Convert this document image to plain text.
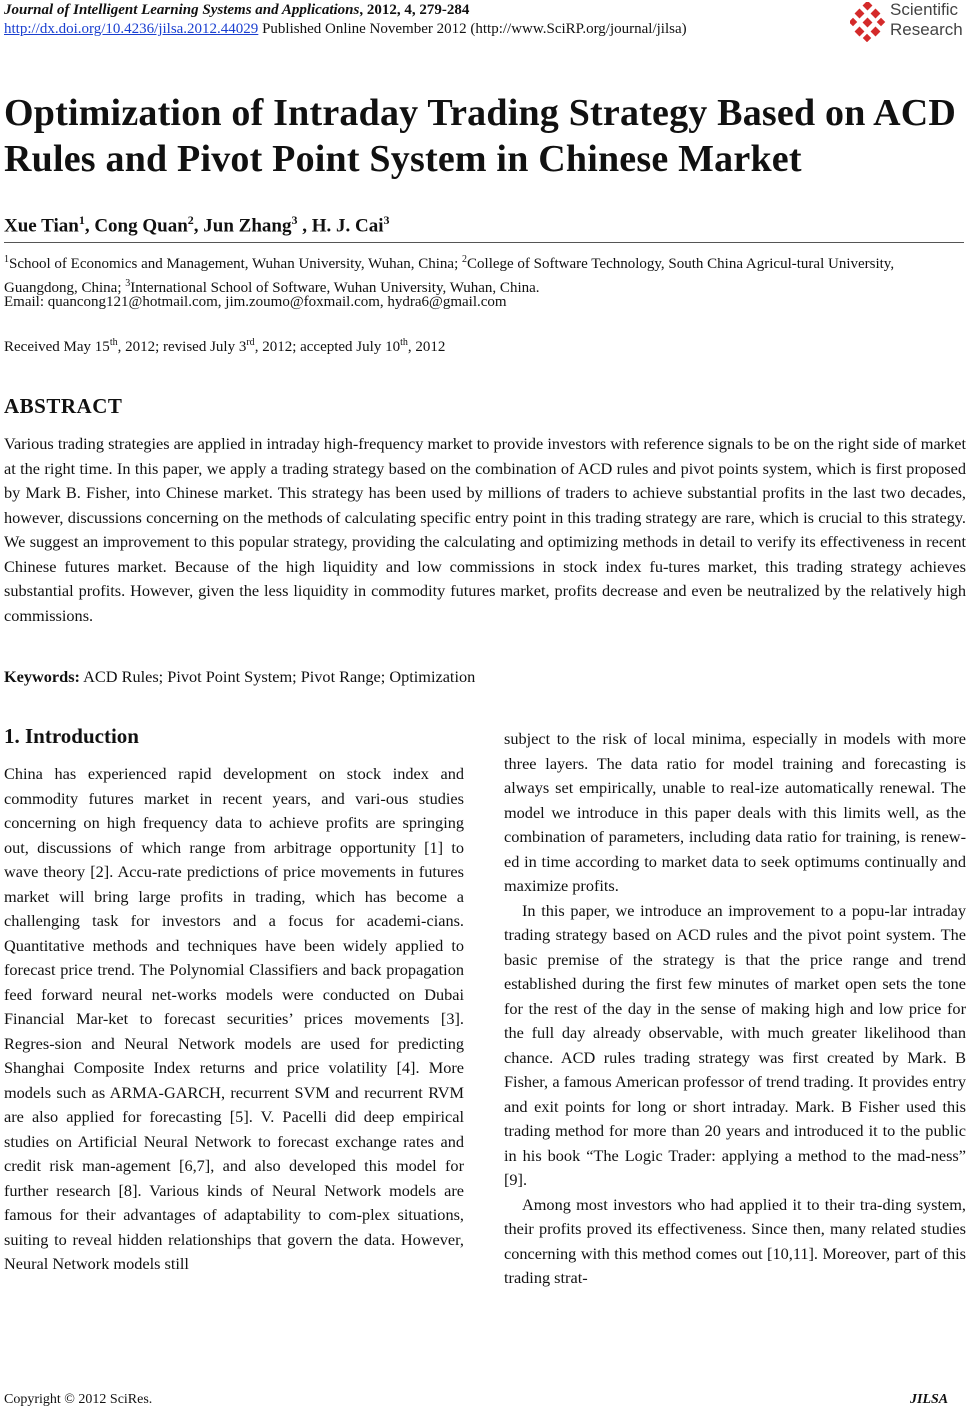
Journal of Intelligent Learning Systems and Applications, 2012, 4, 279-284
http://dx.doi.org/10.4236/jilsa.2012.44029 Published Online November 2012 (http://www.SciRP.org/journal/jilsa)
Scientific
Research
Optimization of Intraday Trading Strategy Based on ACD Rules and Pivot Point System in Chinese Market
Xue Tian$^1$, Cong Quan$^2$, Jun Zhang$^3$ , H. J. Cai$^3$
$^1$School of Economics and Management, Wuhan University, Wuhan, China; $^2$College of Software Technology, South China Agricul-tural University, Guangdong, China; $^3$International School of Software, Wuhan University, Wuhan, China.
Email: quancong121@hotmail.com, jim.zoumo@foxmail.com, hydra6@gmail.com
Received May 15th, 2012; revised July 3rd, 2012; accepted July 10th, 2012
ABSTRACT
Various trading strategies are applied in intraday high-frequency market to provide investors with reference signals to be on the right side of market at the right time. In this paper, we apply a trading strategy based on the combination of ACD rules and pivot points system, which is first proposed by Mark B. Fisher, into Chinese market. This strategy has been used by millions of traders to achieve substantial profits in the last two decades, however, discussions concerning on the methods of calculating specific entry point in this trading strategy are rare, which is crucial to this strategy. We suggest an improvement to this popular strategy, providing the calculating and optimizing methods in detail to verify its effectiveness in recent Chinese futures market. Because of the high liquidity and low commissions in stock index fu-tures market, this trading strategy achieves substantial profits. However, given the less liquidity in commodity futures market, profits decrease and even be neutralized by the relatively high commissions.
Keywords: ACD Rules; Pivot Point System; Pivot Range; Optimization
1. Introduction

China has experienced rapid development on stock index and commodity futures market in recent years, and vari-ous studies concerning on high frequency data to achieve profits are springing out, discussions of which range from arbitrage opportunity [1] to wave theory [2]. Accu-rate predictions of price movements in futures market will bring large profits in trading, which has become a challenging task for investors and a focus for academi-cians. Quantitative methods and techniques have been widely applied to forecast price trend. The Polynomial Classifiers and back propagation feed forward neural net-works models were conducted on Dubai Financial Mar-ket to forecast securities’ prices movements [3]. Regres-sion and Neural Network models are used for predicting Shanghai Composite Index returns and price volatility [4]. More models such as ARMA-GARCH, recurrent SVM and recurrent RVM are also applied for forecasting [5]. V. Pacelli did deep empirical studies on Artificial Neural Network to forecast exchange rates and credit risk man-agement [6,7], and also developed this model for further research [8]. Various kinds of Neural Network models are famous for their advantages of adaptability to com-plex situations, suiting to reveal hidden relationships that govern the data. However, Neural Network models still

subject to the risk of local minima, especially in models with more three layers. The data ratio for model training and forecasting is always set empirically, unable to real-ize automatically renewal. The model we introduce in this paper deals with this limits well, as the combination of parameters, including data ratio for training, is renew-ed in time according to market data to seek optimums continually and maximize profits.

In this paper, we introduce an improvement to a popu-lar intraday trading strategy based on ACD rules and the pivot point system. The basic premise of the strategy is that the price range and trend established during the first few minutes of market open sets the tone for the rest of the day in the sense of making high and low price for the full day already observable, with much greater likelihood than chance. ACD rules trading strategy was first created by Mark. B Fisher, a famous American professor of trend trading. It provides entry and exit points for long or short intraday. Mark. B Fisher used this trading method for more than 20 years and introduced it to the public in his book “The Logic Trader: applying a method to the mad-ness” [9].

Among most investors who had applied it to their tra-ding system, their profits proved its effectiveness. Since then, many related studies concerning with this method comes out [10,11]. Moreover, part of this trading strat-

Copyright © 2012 SciRes.	JILSA
